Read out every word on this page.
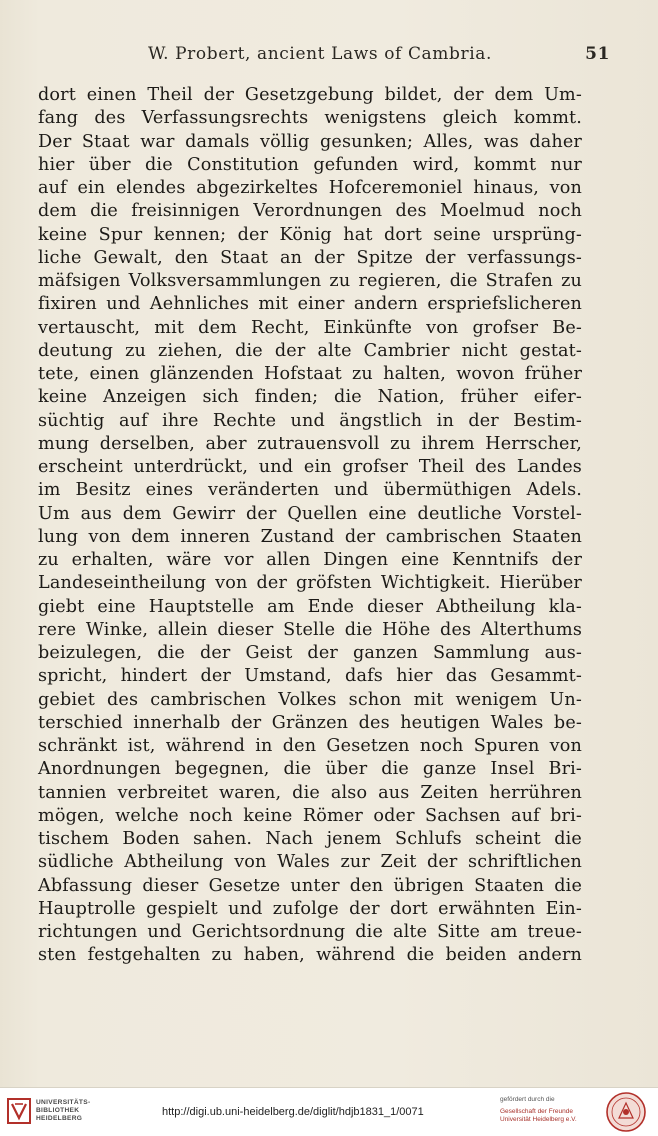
W. Probert, ancient Laws of Cambria.	51
dort einen Theil der Gesetzgebung bildet, der dem Um-
fang des Verfassungsrechts wenigstens gleich kommt.
Der Staat war damals völlig gesunken; Alles, was daher
hier über die Constitution gefunden wird, kommt nur
auf ein elendes abgezirkeltes Hofceremoniel hinaus, von
dem die freisinnigen Verordnungen des Moelmud noch
keine Spur kennen; der König hat dort seine ursprüng-
liche Gewalt, den Staat an der Spitze der verfassungs-
mäfsigen Volksversammlungen zu regieren, die Strafen zu
fixiren und Aehnliches mit einer andern erspriefslicheren
vertauscht, mit dem Recht, Einkünfte von grofser Be-
deutung zu ziehen, die der alte Cambrier nicht gestat-
tete, einen glänzenden Hofstaat zu halten, wovon früher
keine Anzeigen sich finden; die Nation, früher eifer-
süchtig auf ihre Rechte und ängstlich in der Bestim-
mung derselben, aber zutrauensvoll zu ihrem Herrscher,
erscheint unterdrückt, und ein grofser Theil des Landes
im Besitz eines veränderten und übermüthigen Adels.
Um aus dem Gewirr der Quellen eine deutliche Vorstel-
lung von dem inneren Zustand der cambrischen Staaten
zu erhalten, wäre vor allen Dingen eine Kenntnifs der
Landeseintheilung von der gröfsten Wichtigkeit. Hierüber
giebt eine Hauptstelle am Ende dieser Abtheilung kla-
rere Winke, allein dieser Stelle die Höhe des Alterthums
beizulegen, die der Geist der ganzen Sammlung aus-
spricht, hindert der Umstand, dafs hier das Gesammt-
gebiet des cambrischen Volkes schon mit wenigem Un-
terschied innerhalb der Gränzen des heutigen Wales be-
schränkt ist, während in den Gesetzen noch Spuren von
Anordnungen begegnen, die über die ganze Insel Bri-
tannien verbreitet waren, die also aus Zeiten herrühren
mögen, welche noch keine Römer oder Sachsen auf bri-
tischem Boden sahen. Nach jenem Schlufs scheint die
südliche Abtheilung von Wales zur Zeit der schriftlichen
Abfassung dieser Gesetze unter den übrigen Staaten die
Hauptrolle gespielt und zufolge der dort erwähnten Ein-
richtungen und Gerichtsordnung die alte Sitte am treue-
sten festgehalten zu haben, während die beiden andern
UNIVERSITÄTS-
BIBLIOTHEK
HEIDELBERG
http://digi.ub.uni-heidelberg.de/diglit/hdjb1831_1/0071
gefördert durch die
Gesellschaft der Freunde
Universität Heidelberg e.V.
